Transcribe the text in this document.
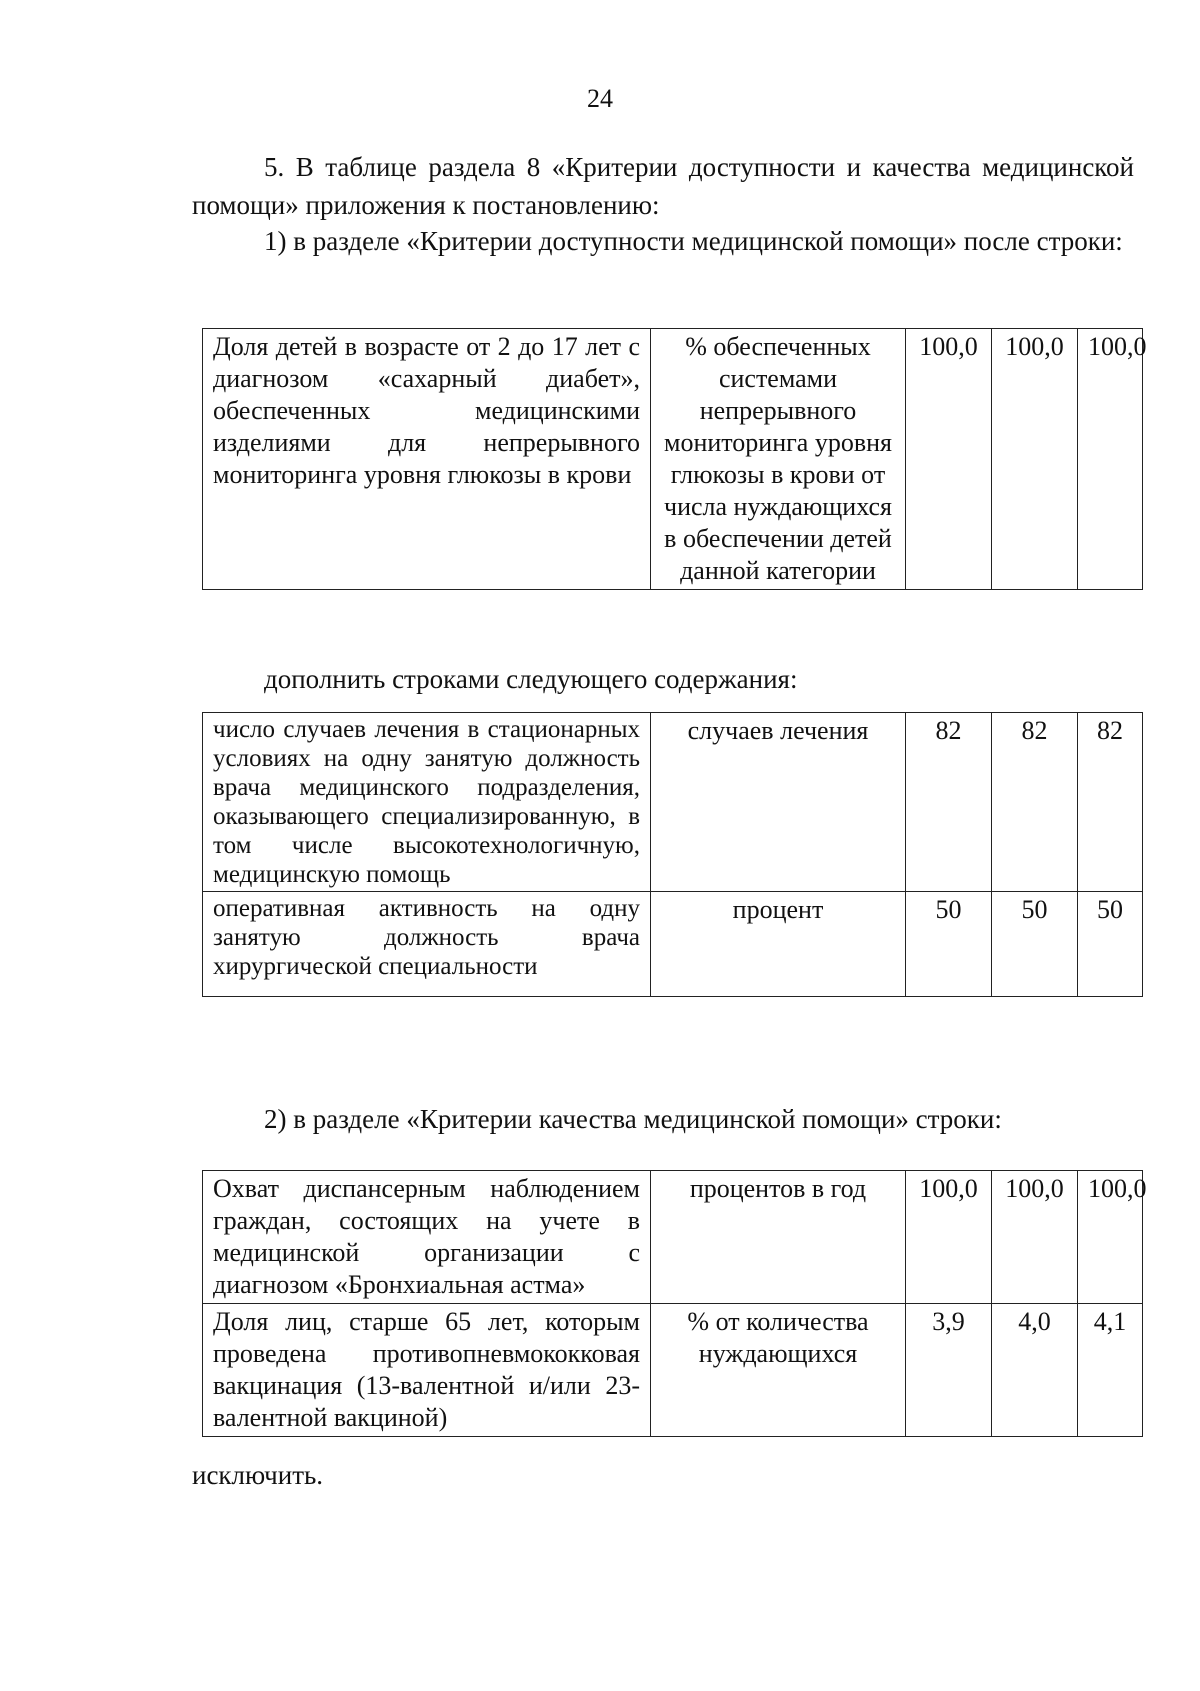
24
5. В таблице раздела 8 «Критерии доступности и качества медицинской помощи» приложения к постановлению:
1) в разделе «Критерии доступности медицинской помощи» после строки:
Доля детей в возрасте от 2 до 17 лет с диагнозом «сахарный диабет», обеспеченных медицинскими изделиями для непрерывного мониторинга уровня глюкозы в крови	% обеспеченных системами непрерывного мониторинга уровня глюкозы в крови от числа нуждающихся в обеспечении детей данной категории	100,0	100,0	100,0
дополнить строками следующего содержания:
число случаев лечения в стационарных условиях на одну занятую должность врача медицинского подразделения, оказывающего специализированную, в том числе высокотехнологичную, медицинскую помощь	случаев лечения	82	82	82
оперативная активность на одну занятую должность врача хирургической специальности	процент	50	50	50
2) в разделе «Критерии качества медицинской помощи» строки:
Охват диспансерным наблюдением граждан, состоящих на учете в медицинской организации с диагнозом «Бронхиальная астма»	процентов в год	100,0	100,0	100,0
Доля лиц, старше 65 лет, которым проведена противопневмококковая вакцинация (13-валентной и/или 23-валентной вакциной)	% от количества нуждающихся	3,9	4,0	4,1
исключить.
